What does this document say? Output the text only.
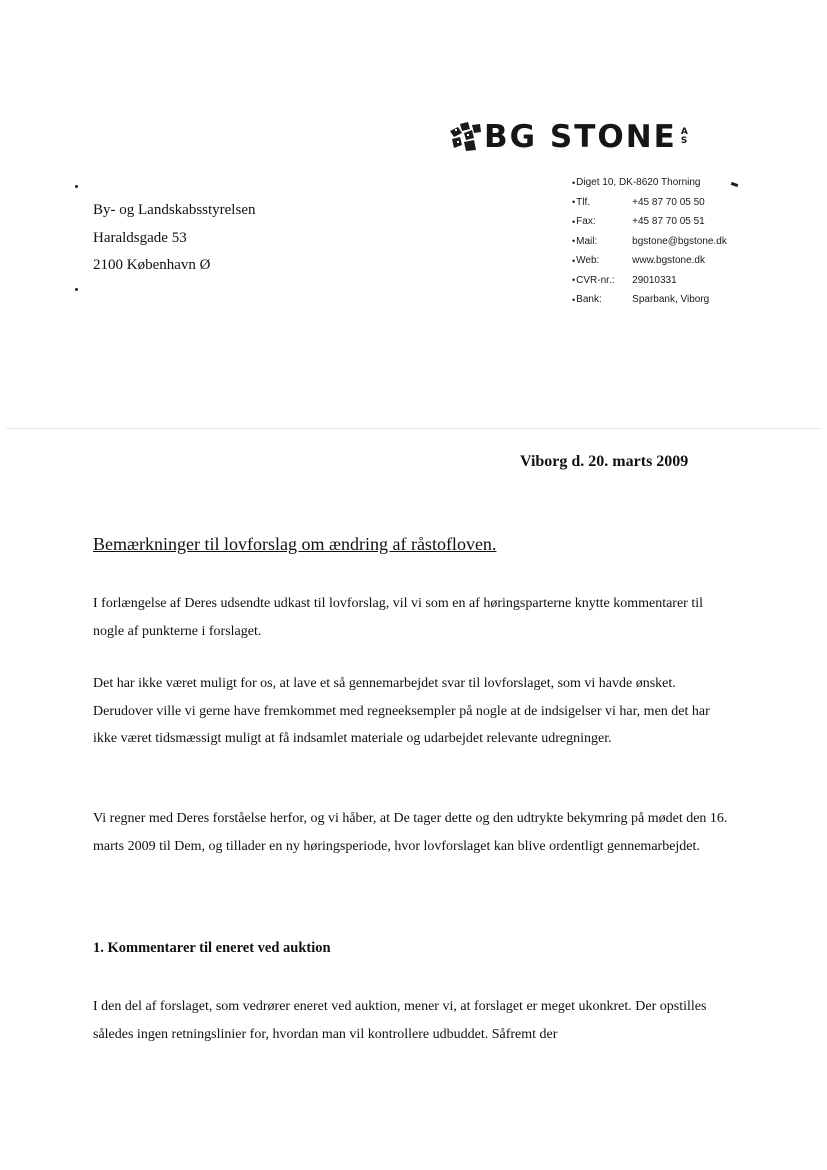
BG STONE A
S
• Diget 10, DK-8620 Thorning
• Tlf.	+45 87 70 05 50
• Fax:	+45 87 70 05 51
• Mail:	bgstone@bgstone.dk
• Web:	www.bgstone.dk
• CVR-nr.:	29010331
• Bank:	Sparbank, Viborg
By- og Landskabsstyrelsen
Haraldsgade 53
2100 København Ø
Viborg d. 20. marts 2009
Bemærkninger til lovforslag om ændring af råstofloven.
I forlængelse af Deres udsendte udkast til lovforslag, vil vi som en af høringsparterne knytte kommentarer til nogle af punkterne i forslaget.
Det har ikke været muligt for os, at lave et så gennemarbejdet svar til lovforslaget, som vi havde ønsket. Derudover ville vi gerne have fremkommet med regneeksempler på nogle at de indsigelser vi har, men det har ikke været tidsmæssigt muligt at få indsamlet materiale og udarbejdet relevante udregninger.
Vi regner med Deres forståelse herfor, og vi håber, at De tager dette og den udtrykte bekymring på mødet den 16. marts 2009 til Dem, og tillader en ny høringsperiode, hvor lovforslaget kan blive ordentligt gennemarbejdet.
1. Kommentarer til eneret ved auktion
I den del af forslaget, som vedrører eneret ved auktion, mener vi, at forslaget er meget ukonkret. Der opstilles således ingen retningslinier for, hvordan man vil kontrollere udbuddet. Såfremt der
